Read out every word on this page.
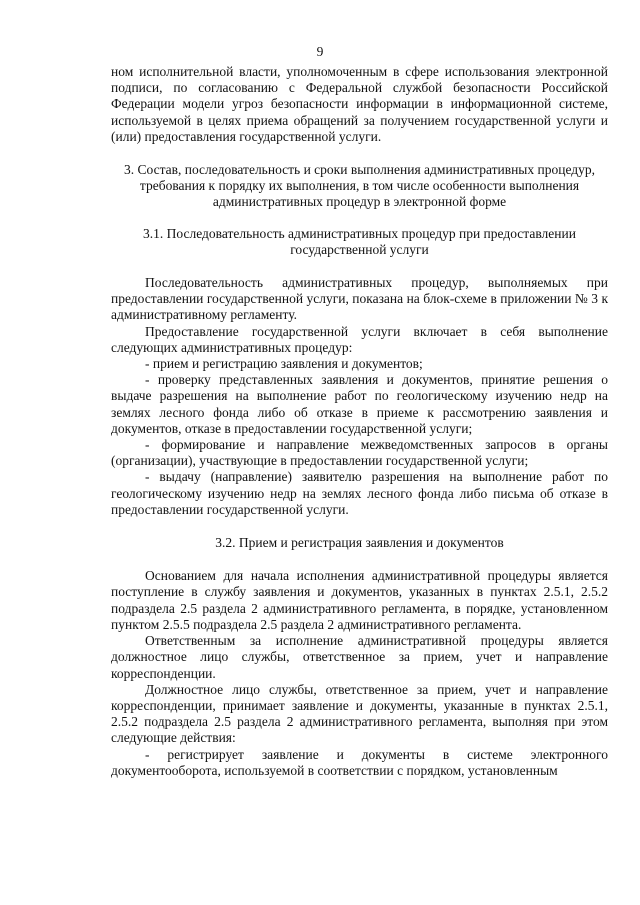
9

ном исполнительной власти, уполномоченным в сфере использования электронной подписи, по согласованию с Федеральной службой безопасности Российской Федерации модели угроз безопасности информации в информационной системе, используемой в целях приема обращений за получением государственной услуги и (или) предоставления государственной услуги.

3. Состав, последовательность и сроки выполнения административных процедур, требования к порядку их выполнения, в том числе особенности выполнения административных процедур в электронной форме

3.1. Последовательность административных процедур при предоставлении государственной услуги

Последовательность административных процедур, выполняемых при предоставлении государственной услуги, показана на блок-схеме в приложении № 3 к административному регламенту.

Предоставление государственной услуги включает в себя выполнение следующих административных процедур:

- прием и регистрацию заявления и документов;

- проверку представленных заявления и документов, принятие решения о выдаче разрешения на выполнение работ по геологическому изучению недр на землях лесного фонда либо об отказе в приеме к рассмотрению заявления и документов, отказе в предоставлении государственной услуги;

- формирование и направление межведомственных запросов в органы (организации), участвующие в предоставлении государственной услуги;

- выдачу (направление) заявителю разрешения на выполнение работ по геологическому изучению недр на землях лесного фонда либо письма об отказе в предоставлении государственной услуги.

3.2. Прием и регистрация заявления и документов

Основанием для начала исполнения административной процедуры является поступление в службу заявления и документов, указанных в пунктах 2.5.1, 2.5.2 подраздела 2.5 раздела 2 административного регламента, в порядке, установленном пунктом 2.5.5 подраздела 2.5 раздела 2 административного регламента.

Ответственным за исполнение административной процедуры является должностное лицо службы, ответственное за прием, учет и направление корреспонденции.

Должностное лицо службы, ответственное за прием, учет и направление корреспонденции, принимает заявление и документы, указанные в пунктах 2.5.1, 2.5.2 подраздела 2.5 раздела 2 административного регламента, выполняя при этом следующие действия:

- регистрирует заявление и документы в системе электронного документооборота, используемой в соответствии с порядком, установленным
